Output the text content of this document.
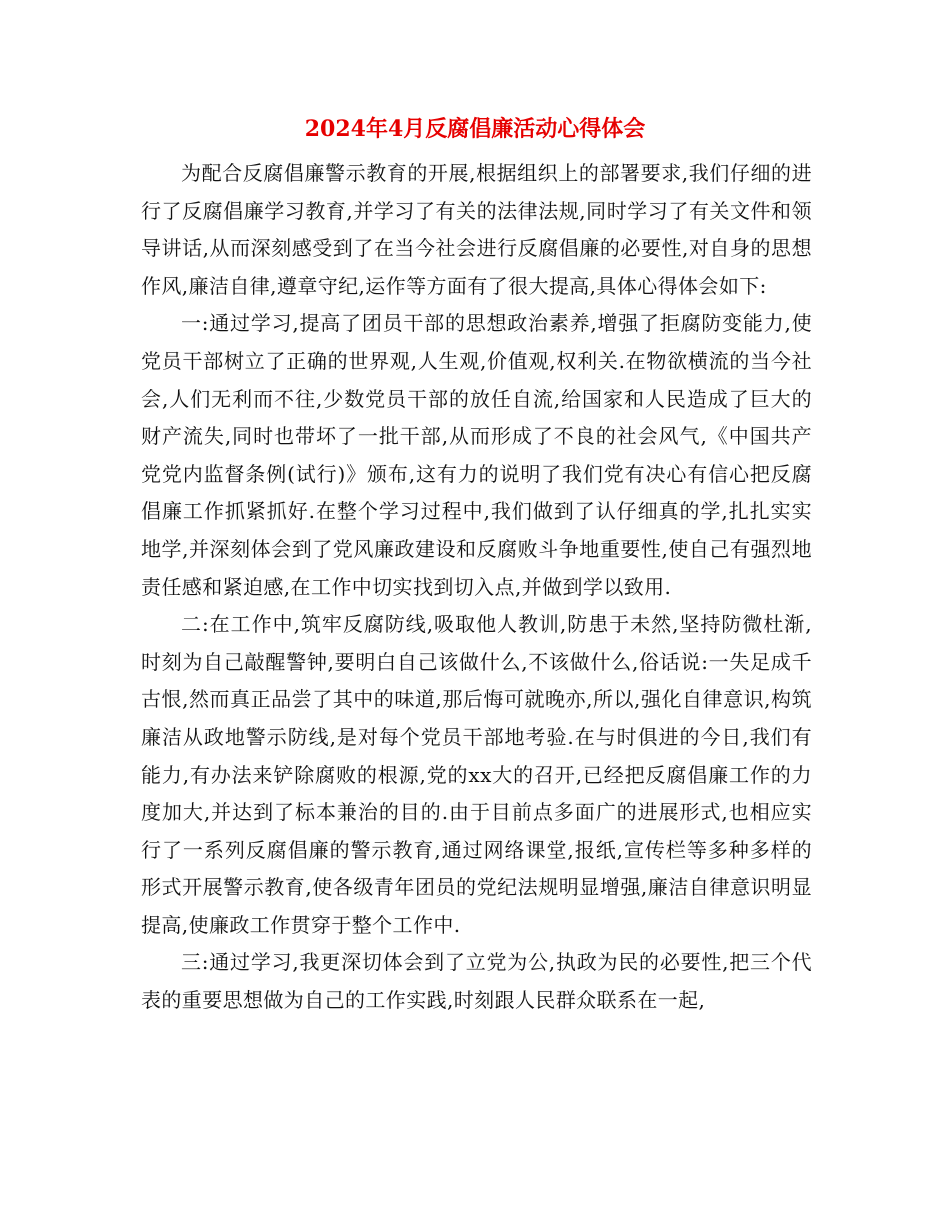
2024年4月反腐倡廉活动心得体会

为配合反腐倡廉警示教育的开展,根据组织上的部署要求,我们仔细的进行了反腐倡廉学习教育,并学习了有关的法律法规,同时学习了有关文件和领导讲话,从而深刻感受到了在当今社会进行反腐倡廉的必要性,对自身的思想作风,廉洁自律,遵章守纪,运作等方面有了很大提高,具体心得体会如下:

一:通过学习,提高了团员干部的思想政治素养,增强了拒腐防变能力,使党员干部树立了正确的世界观,人生观,价值观,权利关.在物欲横流的当今社会,人们无利而不往,少数党员干部的放任自流,给国家和人民造成了巨大的财产流失,同时也带坏了一批干部,从而形成了不良的社会风气,《中国共产党党内监督条例(试行)》颁布,这有力的说明了我们党有决心有信心把反腐倡廉工作抓紧抓好.在整个学习过程中,我们做到了认仔细真的学,扎扎实实地学,并深刻体会到了党风廉政建设和反腐败斗争地重要性,使自己有强烈地责任感和紧迫感,在工作中切实找到切入点,并做到学以致用.

二:在工作中,筑牢反腐防线,吸取他人教训,防患于未然,坚持防微杜渐,时刻为自己敲醒警钟,要明白自己该做什么,不该做什么,俗话说:一失足成千古恨,然而真正品尝了其中的味道,那后悔可就晚亦,所以,强化自律意识,构筑廉洁从政地警示防线,是对每个党员干部地考验.在与时俱进的今日,我们有能力,有办法来铲除腐败的根源,党的xx大的召开,已经把反腐倡廉工作的力度加大,并达到了标本兼治的目的.由于目前点多面广的进展形式,也相应实行了一系列反腐倡廉的警示教育,通过网络课堂,报纸,宣传栏等多种多样的形式开展警示教育,使各级青年团员的党纪法规明显增强,廉洁自律意识明显提高,使廉政工作贯穿于整个工作中.

三:通过学习,我更深切体会到了立党为公,执政为民的必要性,把三个代表的重要思想做为自己的工作实践,时刻跟人民群众联系在一起,
